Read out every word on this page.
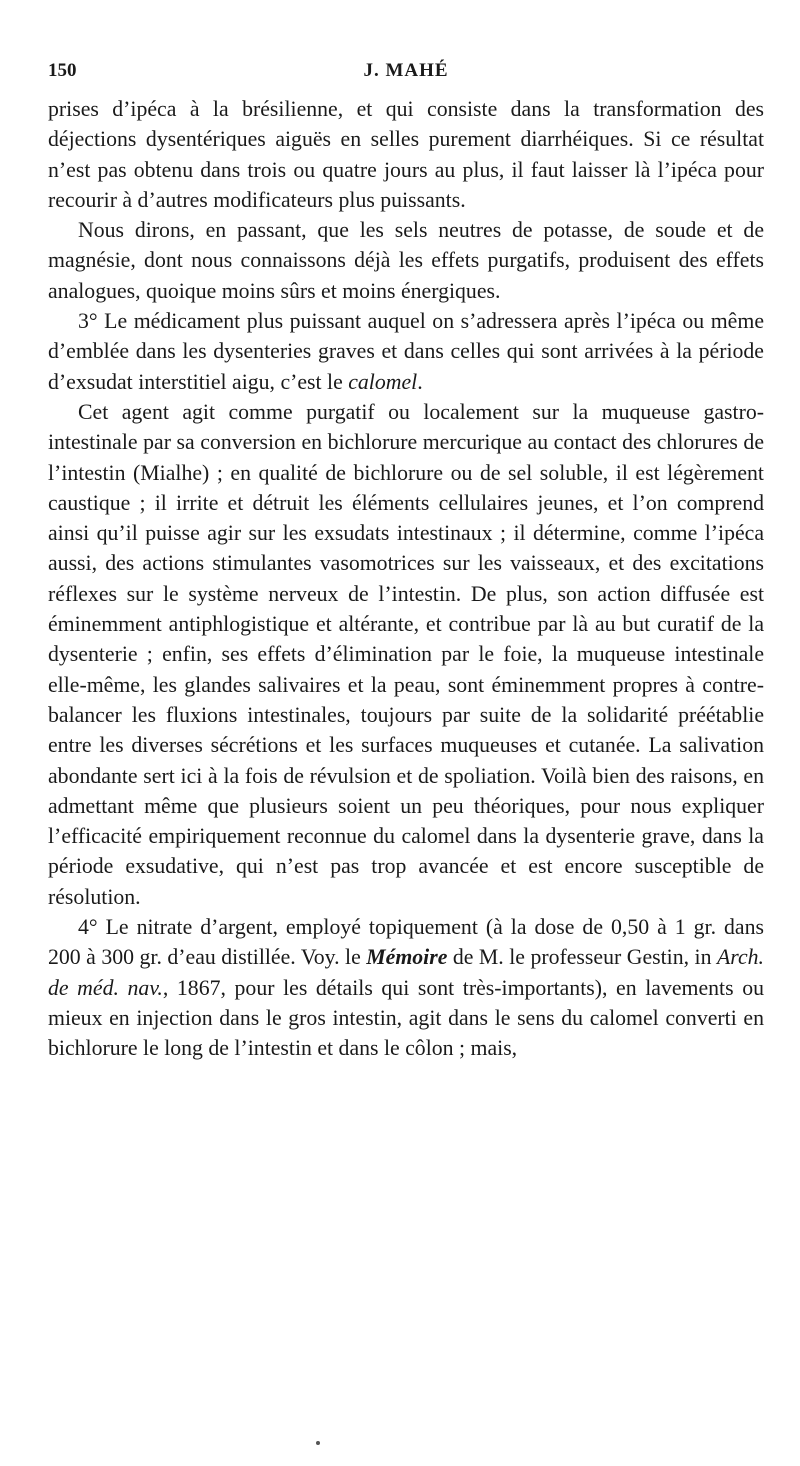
150	J. MAHÉ

prises d’ipéca à la brésilienne, et qui consiste dans la transformation des déjections dysentériques aiguës en selles purement diarrhéiques. Si ce résultat n’est pas obtenu dans trois ou quatre jours au plus, il faut laisser là l’ipéca pour recourir à d’autres modificateurs plus puissants.

Nous dirons, en passant, que les sels neutres de potasse, de soude et de magnésie, dont nous connaissons déjà les effets purgatifs, produisent des effets analogues, quoique moins sûrs et moins énergiques.

3° Le médicament plus puissant auquel on s’adressera après l’ipéca ou même d’emblée dans les dysenteries graves et dans celles qui sont arrivées à la période d’exsudat interstitiel aigu, c’est le calomel.

Cet agent agit comme purgatif ou localement sur la muqueuse gastro-intestinale par sa conversion en bichlorure mercurique au contact des chlorures de l’intestin (Mialhe) ; en qualité de bichlorure ou de sel soluble, il est légèrement caustique ; il irrite et détruit les éléments cellulaires jeunes, et l’on comprend ainsi qu’il puisse agir sur les exsudats intestinaux ; il détermine, comme l’ipéca aussi, des actions stimulantes vasomotrices sur les vaisseaux, et des excitations réflexes sur le système nerveux de l’intestin. De plus, son action diffusée est éminemment antiphlogistique et altérante, et contribue par là au but curatif de la dysenterie ; enfin, ses effets d’élimination par le foie, la muqueuse intestinale elle-même, les glandes salivaires et la peau, sont éminemment propres à contre-balancer les fluxions intestinales, toujours par suite de la solidarité préétablie entre les diverses sécrétions et les surfaces muqueuses et cutanée. La salivation abondante sert ici à la fois de révulsion et de spoliation. Voilà bien des raisons, en admettant même que plusieurs soient un peu théoriques, pour nous expliquer l’efficacité empiriquement reconnue du calomel dans la dysenterie grave, dans la période exsudative, qui n’est pas trop avancée et est encore susceptible de résolution.

4° Le nitrate d’argent, employé topiquement (à la dose de 0,50 à 1 gr. dans 200 à 300 gr. d’eau distillée. Voy. le Mémoire de M. le professeur Gestin, in Arch. de méd. nav., 1867, pour les détails qui sont très-importants), en lavements ou mieux en injection dans le gros intestin, agit dans le sens du calomel converti en bichlorure le long de l’intestin et dans le côlon ; mais,
